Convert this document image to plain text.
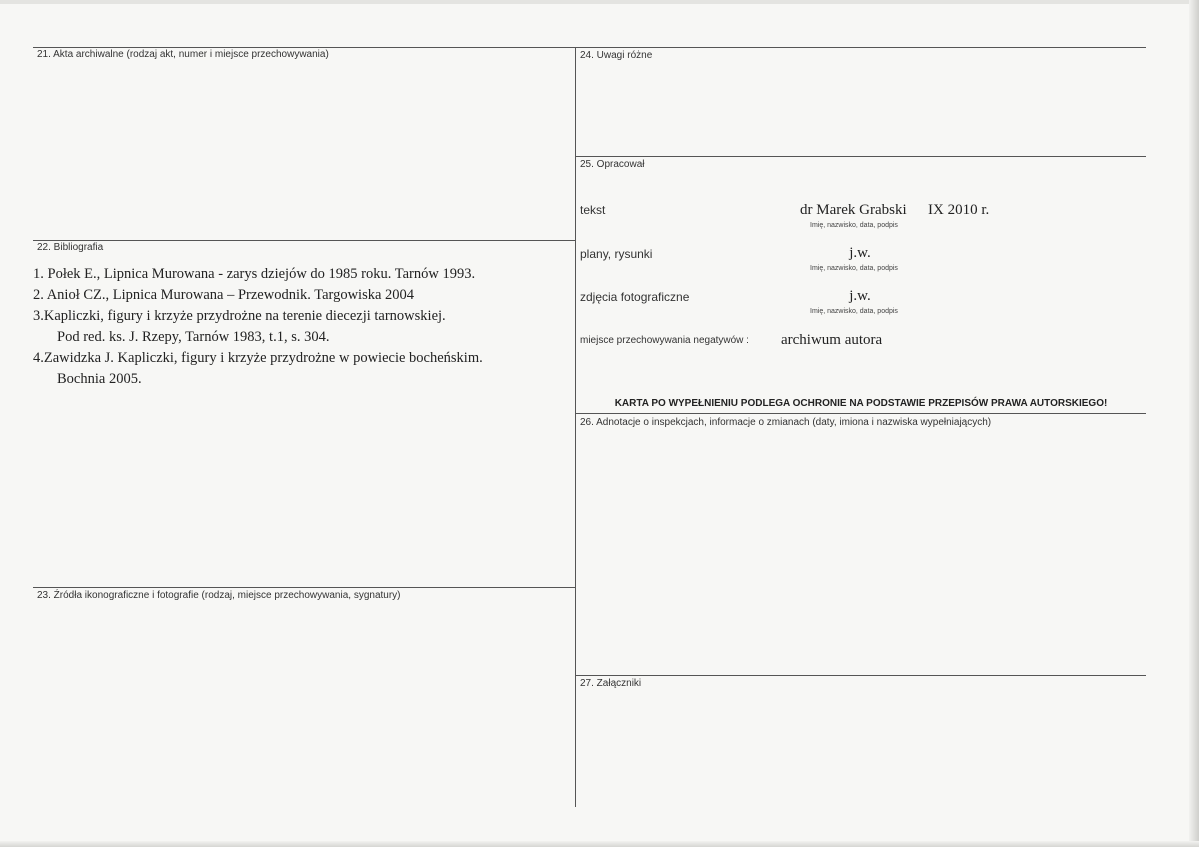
21. Akta archiwalne (rodzaj akt, numer i miejsce przechowywania)
22. Bibliografia
1. Połek E., Lipnica Murowana - zarys dziejów do 1985 roku. Tarnów 1993.
2. Anioł CZ., Lipnica Murowana – Przewodnik. Targowiska 2004
3.Kapliczki, figury i krzyże przydrożne na terenie diecezji tarnowskiej.
Pod red. ks. J. Rzepy, Tarnów 1983, t.1, s. 304.
4.Zawidzka J. Kapliczki, figury i krzyże przydrożne w powiecie bocheńskim.
Bochnia 2005.
23. Źródła ikonograficzne i fotografie (rodzaj, miejsce przechowywania, sygnatury)
24. Uwagi różne
25. Opracował
tekst	dr Marek Grabski IX 2010 r.
Imię, nazwisko, data, podpis
plany, rysunki	j.w.
Imię, nazwisko, data, podpis
zdjęcia fotograficzne	j.w.
Imię, nazwisko, data, podpis
miejsce przechowywania negatywów : archiwum autora
KARTA PO WYPEŁNIENIU PODLEGA OCHRONIE NA PODSTAWIE PRZEPISÓW PRAWA AUTORSKIEGO!
26. Adnotacje o inspekcjach, informacje o zmianach (daty, imiona i nazwiska wypełniających)
27. Załączniki
